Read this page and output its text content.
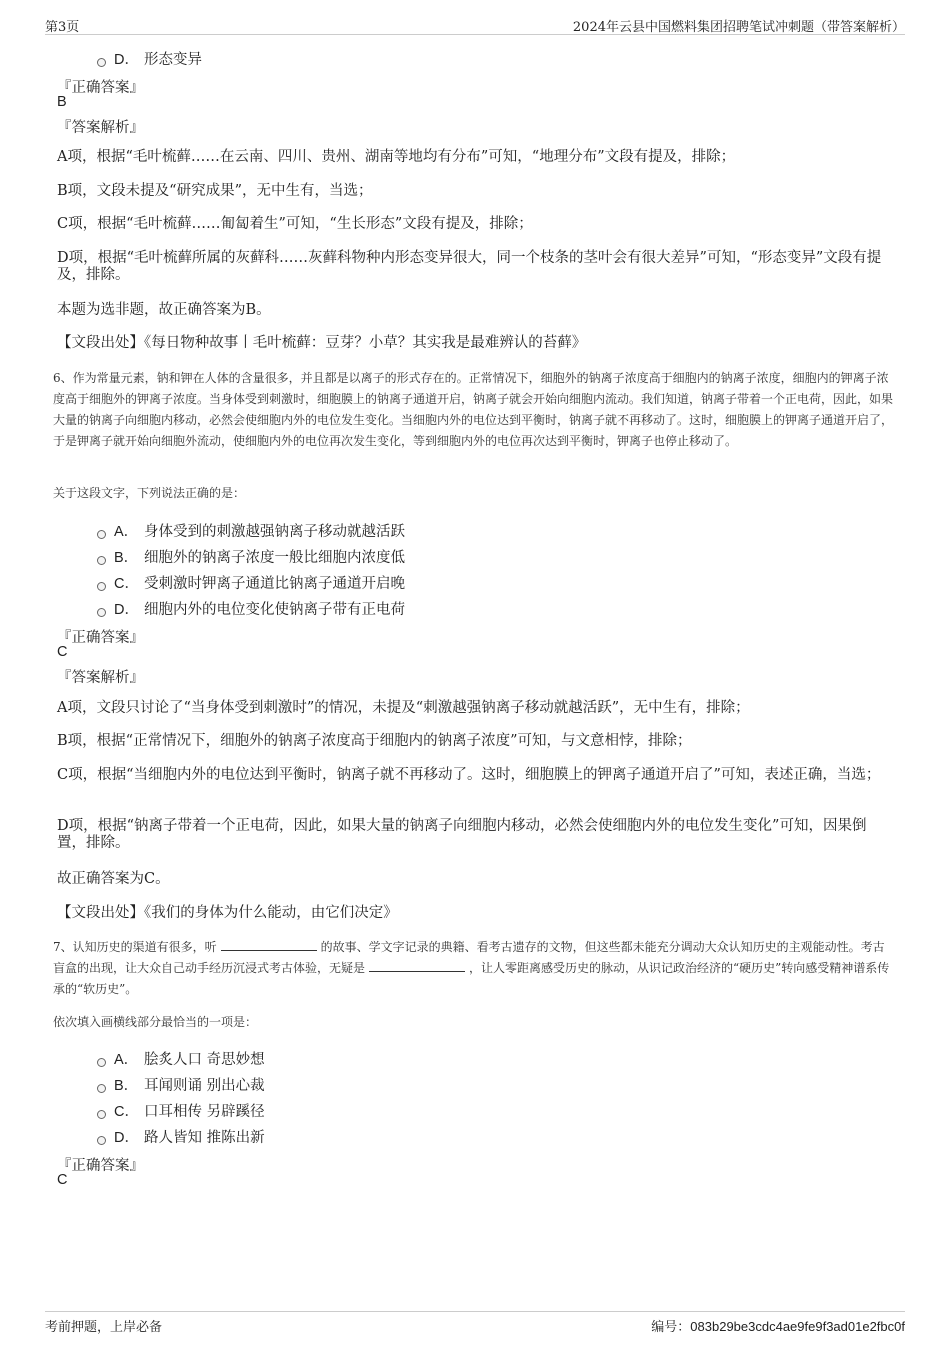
第3页	2024年云县中国燃料集团招聘笔试冲刺题（带答案解析）
D． 形态变异
『正确答案』
B
『答案解析』
A项，根据“毛叶梳藓……在云南、四川、贵州、湖南等地均有分布”可知，“地理分布”文段有提及，排除；
B项，文段未提及“研究成果”，无中生有，当选；
C项，根据“毛叶梳藓……匍匐着生”可知，“生长形态”文段有提及，排除；
D项，根据“毛叶梳藓所属的灰藓科……灰藓科物种内形态变异很大，同一个枝条的茎叶会有很大差异”可知，“形态变异”文段有提及，排除。
本题为选非题，故正确答案为B。
【文段出处】《每日物种故事丨毛叶梳藓：豆芽？小草？其实我是最难辨认的苔藓》
6、作为常量元素，钠和钾在人体的含量很多，并且都是以离子的形式存在的。正常情况下，细胞外的钠离子浓度高于细胞内的钠离子浓度，细胞内的钾离子浓度高于细胞外的钾离子浓度。当身体受到刺激时，细胞膜上的钠离子通道开启，钠离子就会开始向细胞内流动。我们知道，钠离子带着一个正电荷，因此，如果大量的钠离子向细胞内移动，必然会使细胞内外的电位发生变化。当细胞内外的电位达到平衡时，钠离子就不再移动了。这时，细胞膜上的钾离子通道开启了，于是钾离子就开始向细胞外流动，使细胞内外的电位再次发生变化，等到细胞内外的电位再次达到平衡时，钾离子也停止移动了。
关于这段文字，下列说法正确的是：
A． 身体受到的刺激越强钠离子移动就越活跃
B． 细胞外的钠离子浓度一般比细胞内浓度低
C． 受刺激时钾离子通道比钠离子通道开启晚
D． 细胞内外的电位变化使钠离子带有正电荷
『正确答案』
C
『答案解析』
A项，文段只讨论了“当身体受到刺激时”的情况，未提及“刺激越强钠离子移动就越活跃”，无中生有，排除；
B项，根据“正常情况下，细胞外的钠离子浓度高于细胞内的钠离子浓度”可知，与文意相悖，排除；
C项，根据“当细胞内外的电位达到平衡时，钠离子就不再移动了。这时，细胞膜上的钾离子通道开启了”可知，表述正确，当选；
D项，根据“钠离子带着一个正电荷，因此，如果大量的钠离子向细胞内移动，必然会使细胞内外的电位发生变化”可知，因果倒置，排除。
故正确答案为C。
【文段出处】《我们的身体为什么能动，由它们决定》
7、认知历史的渠道有很多，听	的故事、学文字记录的典籍、看考古遗存的文物，但这些都未能充分调动大众认知历史的主观能动性。考古盲盒的出现，让大众自己动手经历沉浸式考古体验，无疑是	，让人零距离感受历史的脉动，从识记政治经济的“硬历史”转向感受精神谱系传承的“软历史”。
依次填入画横线部分最恰当的一项是：
A． 脍炙人口 奇思妙想
B． 耳闻则诵 别出心裁
C． 口耳相传 另辟蹊径
D． 路人皆知 推陈出新
『正确答案』
C
考前押题，上岸必备	编号：083b29be3cdc4ae9fe9f3ad01e2fbc0f
